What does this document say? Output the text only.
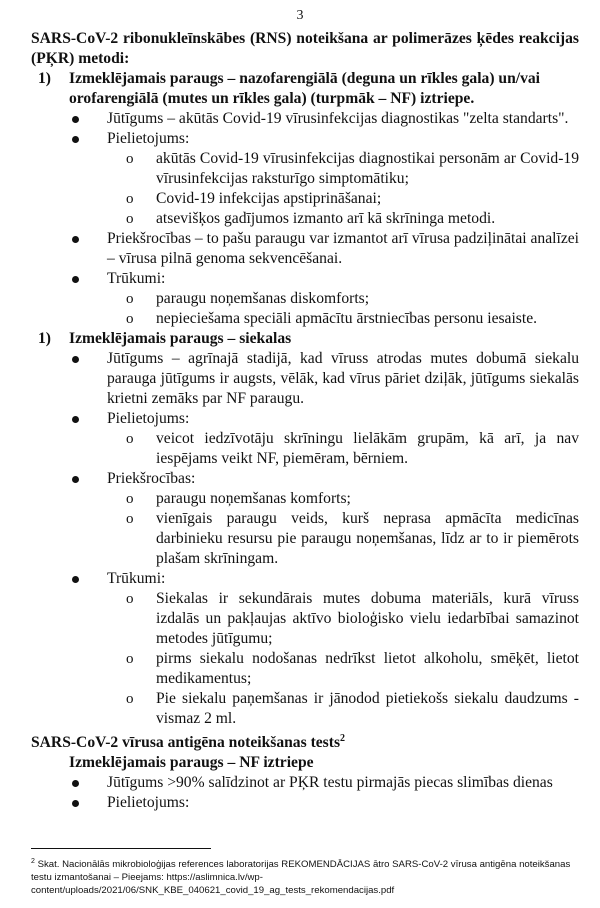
3
SARS-CoV-2 ribonukleīnskābes (RNS) noteikšana ar polimerāzes ķēdes reakcijas (PĶR) metodi:
1) Izmeklējamais paraugs – nazofarengiālā (deguna un rīkles gala) un/vai orofarengiālā (mutes un rīkles gala) (turpmāk – NF) iztriepe.
Jūtīgums – akūtās Covid-19 vīrusinfekcijas diagnostikas "zelta standarts".
Pielietojums:
o akūtās Covid-19 vīrusinfekcijas diagnostikai personām ar Covid-19 vīrusinfekcijas raksturīgo simptomātiku;
o Covid-19 infekcijas apstiprināšanai;
o atsevišķos gadījumos izmanto arī kā skrīninga metodi.
Priekšrocības – to pašu paraugu var izmantot arī vīrusa padziļinātai analīzei – vīrusa pilnā genoma sekvencēšanai.
Trūkumi:
o paraugu noņemšanas diskomforts;
o nepieciešama speciāli apmācītu ārstniecības personu iesaiste.
1) Izmeklējamais paraugs – siekalas
Jūtīgums – agrīnajā stadijā, kad vīruss atrodas mutes dobumā siekalu parauga jūtīgums ir augsts, vēlāk, kad vīrus pāriet dziļāk, jūtīgums siekalās krietni zemāks par NF paraugu.
Pielietojums:
o veicot iedzīvotāju skrīningu lielākām grupām, kā arī, ja nav iespējams veikt NF, piemēram, bērniem.
Priekšrocības:
o paraugu noņemšanas komforts;
o vienīgais paraugu veids, kurš neprasa apmācīta medicīnas darbinieku resursu pie paraugu noņemšanas, līdz ar to ir piemērots plašam skrīningam.
Trūkumi:
o Siekalas ir sekundārais mutes dobuma materiāls, kurā vīruss izdalās un pakļaujas aktīvo bioloģisko vielu iedarbībai samazinot metodes jūtīgumu;
o pirms siekalu nodošanas nedrīkst lietot alkoholu, smēķēt, lietot medikamentus;
o Pie siekalu paņemšanas ir jānodod pietiekošs siekalu daudzums - vismaz 2 ml.
SARS-CoV-2 vīrusa antigēna noteikšanas tests$^2$
Izmeklējamais paraugs – NF iztriepe
Jūtīgums >90% salīdzinot ar PĶR testu pirmajās piecas slimības dienas
Pielietojums:
$^2$ Skat. Nacionālās mikrobioloģijas references laboratorijas REKOMENDĀCIJAS ātro SARS-CoV-2 vīrusa antigēna noteikšanas testu izmantošanai – Pieejams: https://aslimnica.lv/wp-content/uploads/2021/06/SNK_KBE_040621_covid_19_ag_tests_rekomendacijas.pdf
